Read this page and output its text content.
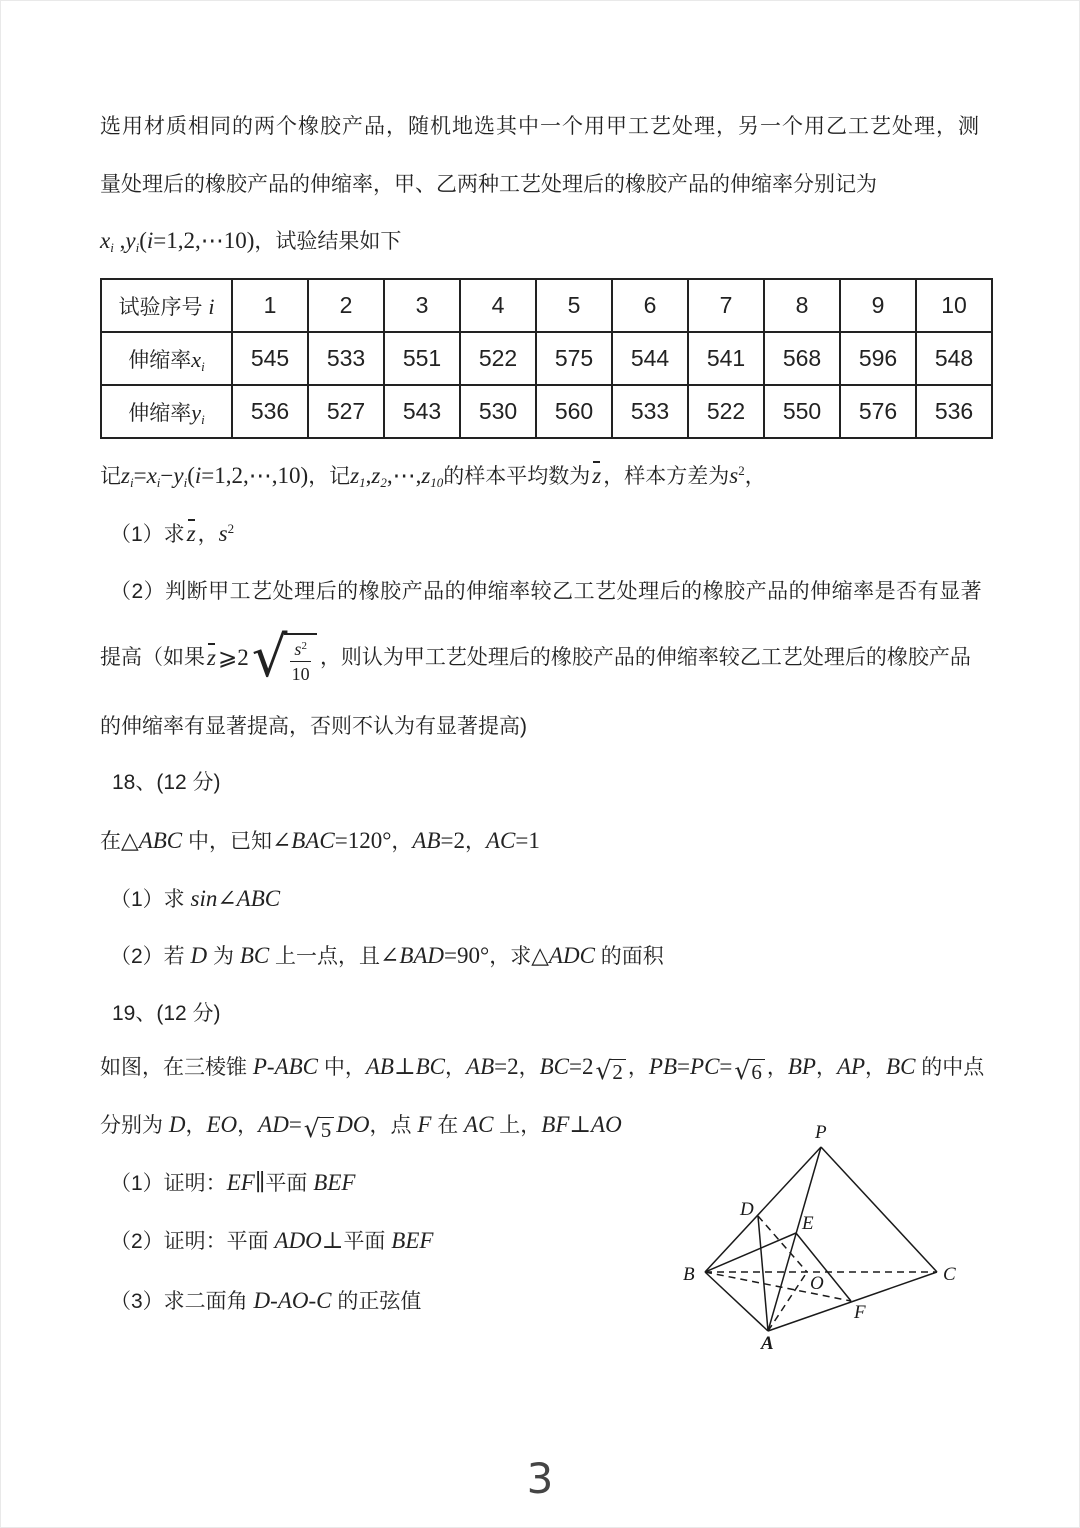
选用材质相同的两个橡胶产品，随机地选其中一个用甲工艺处理，另一个用乙工艺处理，测
量处理后的橡胶产品的伸缩率，甲、乙两种工艺处理后的橡胶产品的伸缩率分别记为
$x_i$ $,y_i(i=1,2,\cdots 10)$，试验结果如下
试验序号 i	1	2	3	4	5	6	7	8	9	10
伸缩率$x_i$	545	533	551	522	575	544	541	568	596	548
伸缩率$y_i$	536	527	543	530	560	533	522	550	576	536
记$z_i=x_i-y_i(i=1,2,\cdots,10)$，记$z_1,z_2,\cdots,z_{10}$的样本平均数为z，样本方差为$s^2$，
（1）求z，$s^2$
（2）判断甲工艺处理后的橡胶产品的伸缩率较乙工艺处理后的橡胶产品的伸缩率是否有显著
提高（如果 z ⩾2 √ $s^2$
10
，则认为甲工艺处理后的橡胶产品的伸缩率较乙工艺处理后的橡胶产品
的伸缩率有显著提高，否则不认为有显著提高)
18、(12 分)
在△ABC 中，已知∠BAC=120°，AB=2，AC=1
（1）求 sin∠ABC
（2）若 D 为 BC 上一点，且∠BAD=90°，求△ADC 的面积
19、(12 分)
如图，在三棱锥 P-ABC 中，AB⊥BC，AB=2，BC=2 √ 2 ，PB=PC= √ 6 ，BP，AP，BC 的中点
分别为 D，EO，AD= √ 5 DO，点 F 在 AC 上，BF⊥AO
（1）证明：EF∥平面 BEF
（2）证明：平面 ADO⊥平面 BEF
（3）求二面角 D-AO-C 的正弦值
P
D
E
B	O	C
F
A
3
